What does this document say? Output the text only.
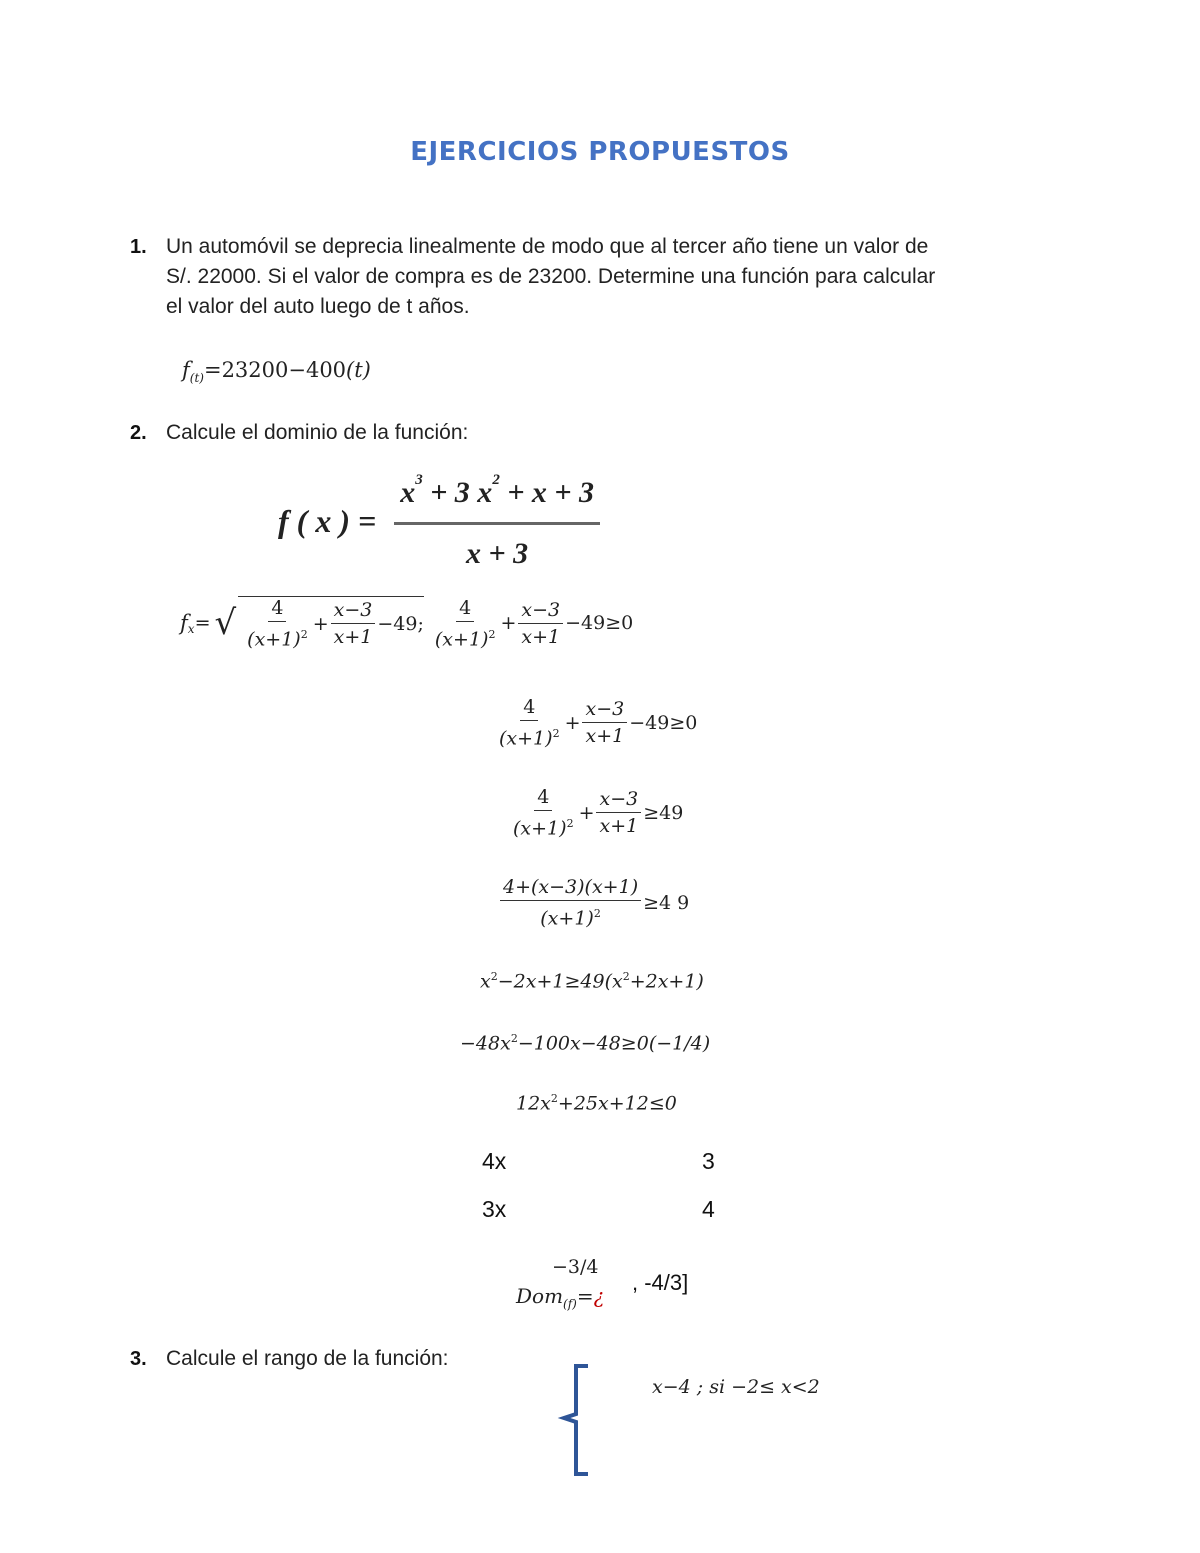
EJERCICIOS PROPUESTOS
1. Un automóvil se deprecia linealmente de modo que al tercer año tiene un valor de
S/. 22000. Si el valor de compra es de 23200. Determine una función para calcular
el valor del auto luego de t años.
$f_{(t)}=23200-400(t)$
2. Calcule el dominio de la función:
f ( x ) = $\frac{x^3 + 3 x^2 + x + 3}{x + 3}$
$f_x$ = √ $\frac{4}{(x+1)^2} + \frac{x-3}{x+1} -49$ ; $\frac{4}{(x+1)^2} + \frac{x-3}{x+1} -49\ge 0$
$\frac{4}{(x+1)^2} + \frac{x-3}{x+1} -49\ge 0$
$\frac{4}{(x+1)^2} + \frac{x-3}{x+1} \ge 49$
$\frac{4+(x-3)(x+1)}{(x+1)^2} \ge 4$ 9
$x^2-2x+1\ge 49(x^2+2x+1)$
$-48x^2-100x-48\ge 0(-1/4)$
$12x^2+25x+12\le 0$
4x	3
3x	4
−3/4
Dom$_{(f)}$=¿
, -4/3]
3. Calcule el rango de la función:
x−4 ; si −2≤ x<2
